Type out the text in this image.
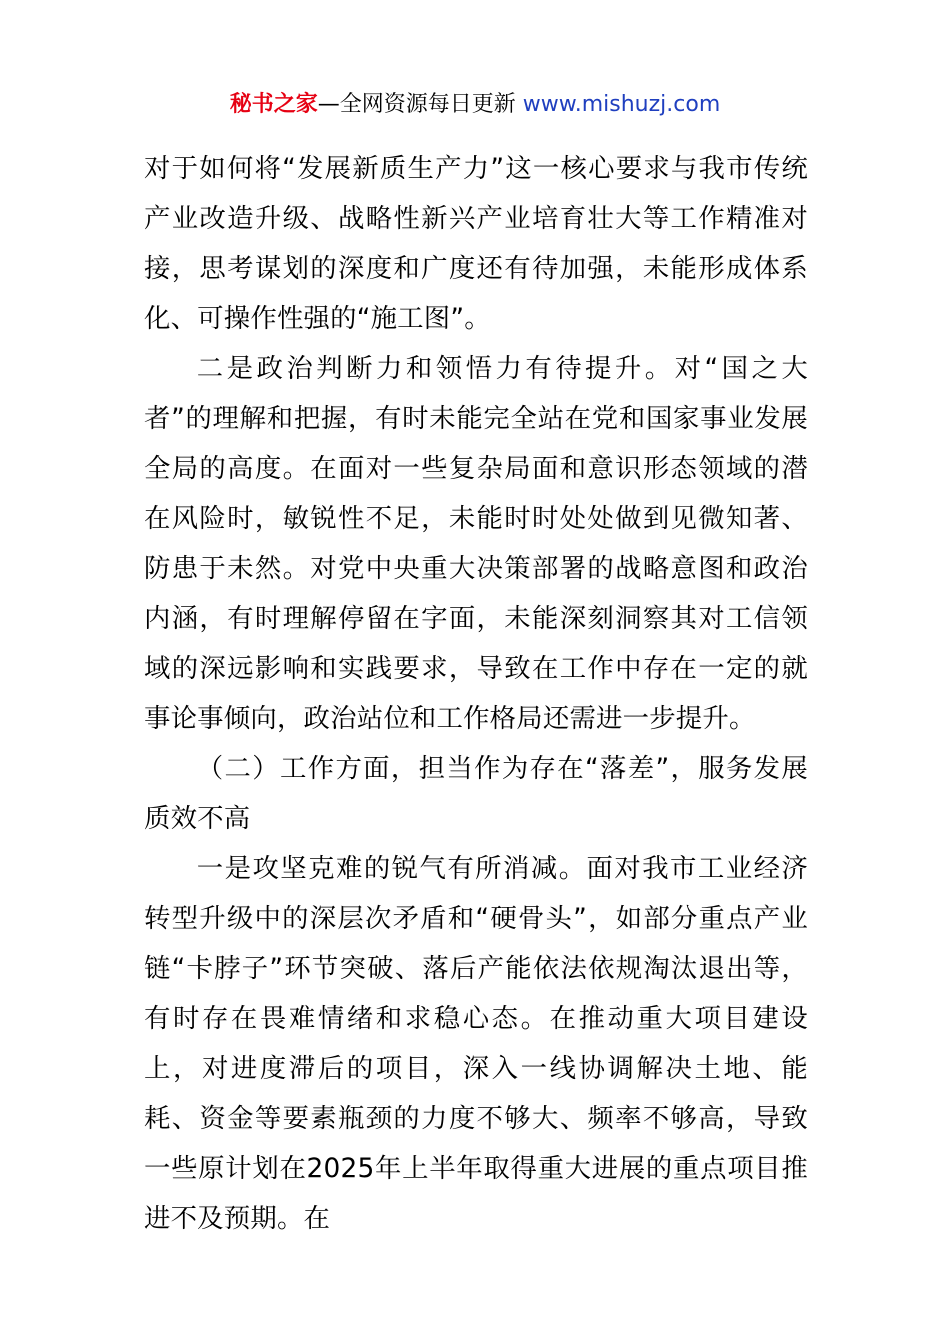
秘书之家—全网资源每日更新 www.mishuzj.com

对于如何将“发展新质生产力”这一核心要求与我市传统产业改造升级、战略性新兴产业培育壮大等工作精准对接，思考谋划的深度和广度还有待加强，未能形成体系化、可操作性强的“施工图”。

二是政治判断力和领悟力有待提升。对“国之大者”的理解和把握，有时未能完全站在党和国家事业发展全局的高度。在面对一些复杂局面和意识形态领域的潜在风险时，敏锐性不足，未能时时处处做到见微知著、防患于未然。对党中央重大决策部署的战略意图和政治内涵，有时理解停留在字面，未能深刻洞察其对工信领域的深远影响和实践要求，导致在工作中存在一定的就事论事倾向，政治站位和工作格局还需进一步提升。

（二）工作方面，担当作为存在“落差”，服务发展质效不高

一是攻坚克难的锐气有所消减。面对我市工业经济转型升级中的深层次矛盾和“硬骨头”，如部分重点产业链“卡脖子”环节突破、落后产能依法依规淘汰退出等，有时存在畏难情绪和求稳心态。在推动重大项目建设上，对进度滞后的项目，深入一线协调解决土地、能耗、资金等要素瓶颈的力度不够大、频率不够高，导致一些原计划在2025年上半年取得重大进展的重点项目推进不及预期。在
